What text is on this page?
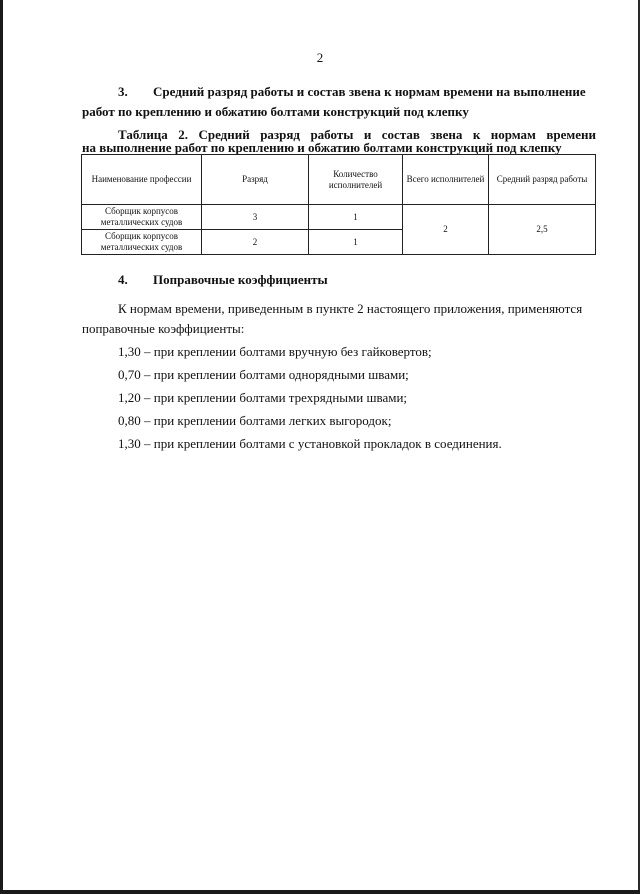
2
3. Средний разряд работы и состав звена к нормам времени на выполнение
работ по креплению и обжатию болтами конструкций под клепку
Таблица 2. Средний разряд работы и состав звена к нормам времени
на выполнение работ по креплению и обжатию болтами конструкций под клепку
Наименование профессии	Разряд	Количество исполнителей	Всего исполнителей	Средний разряд работы
Сборщик корпусов металлических судов	3	1	2	2,5
Сборщик корпусов металлических судов	2	1		
4. Поправочные коэффициенты
К нормам времени, приведенным в пункте 2 настоящего приложения, применяются
поправочные коэффициенты:
1,30 – при креплении болтами вручную без гайковертов;
0,70 – при креплении болтами однорядными швами;
1,20 – при креплении болтами трехрядными швами;
0,80 – при креплении болтами легких выгородок;
1,30 – при креплении болтами с установкой прокладок в соединения.
